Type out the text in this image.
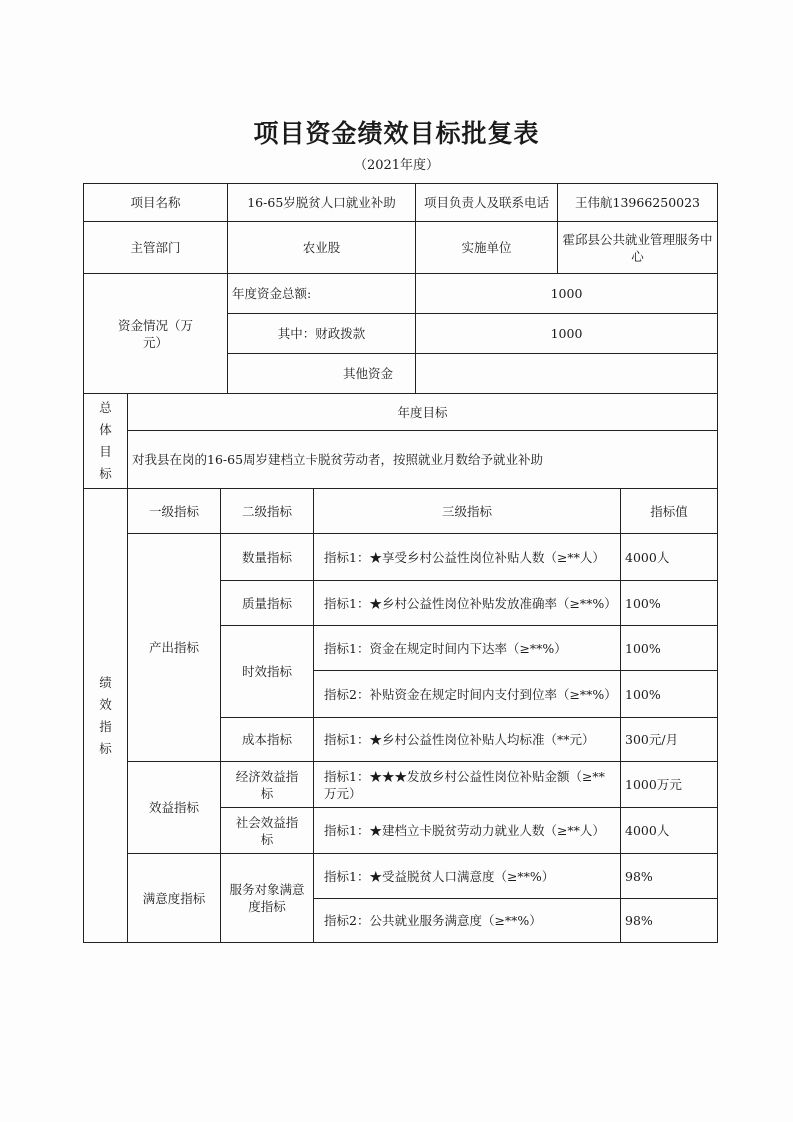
项目资金绩效目标批复表
（2021年度）
项目名称			16-65岁脱贫人口就业补助		项目负责人及联系电话	王伟航13966250023	
主管部门			农业股		实施单位	霍邱县公共就业管理服务中心	
资金情况（万元）			年度资金总额:		1000		
			其中：财政拨款		1000		
			其他资金				
总体目标	年度目标						
	对我县在岗的16-65周岁建档立卡脱贫劳动者，按照就业月数给予就业补助						
绩效指标	一级指标	二级指标		三级指标			指标值
	产出指标	数量指标		指标1：★享受乡村公益性岗位补贴人数（≥**人）			4000人
		质量指标		指标1：★乡村公益性岗位补贴发放准确率（≥**%）			100%
		时效指标		指标1：资金在规定时间内下达率（≥**%）			100%
				指标2：补贴资金在规定时间内支付到位率（≥**%）			100%
		成本指标		指标1：★乡村公益性岗位补贴人均标准（**元）			300元/月
	效益指标	经济效益指标		指标1：★★★发放乡村公益性岗位补贴金额（≥**万元）			1000万元
		社会效益指标		指标1：★建档立卡脱贫劳动力就业人数（≥**人）			4000人
	满意度指标	服务对象满意度指标		指标1：★受益脱贫人口满意度（≥**%）			98%
				指标2：公共就业服务满意度（≥**%）			98%
